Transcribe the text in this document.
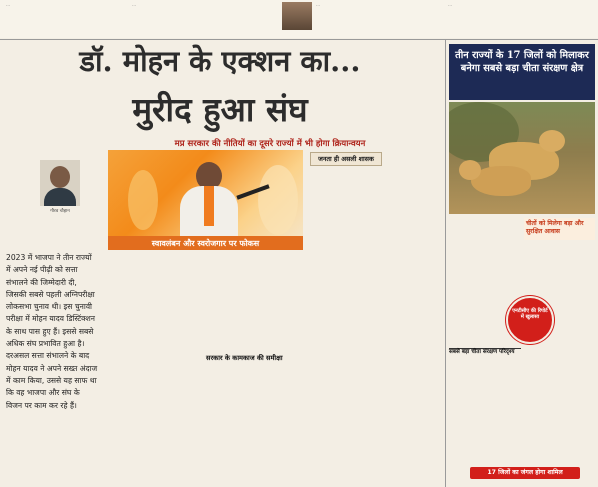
...	...	...	...
डॉ. मोहन के एक्शन का...
मुरीद हुआ संघ
मप्र सरकार की नीतियों का दूसरे राज्यों में भी होगा क्रियान्वयन
गौरव चौहान
2023 में भाजपा ने तीन राज्यों में अपने नई पीढ़ी को सत्ता संभालने की जिम्मेदारी दी, जिसकी सबसे पहली अग्निपरीक्षा लोकसभा चुनाव थी। इस चुनावी परीक्षा में मोहन यादव डिस्टिंक्शन के साथ पास हुए हैं। इससे सबसे अधिक संघ प्रभावित हुआ है। दरअसल सत्ता संभालने के बाद मोहन यादव ने अपने सख्त अंदाज में काम किया, उससे यह साफ था कि वह भाजपा और संघ के विजन पर काम कर रहे हैं।
स्वावलंबन और स्वरोजगार पर फोकस
सरकार के कामकाज की समीक्षा
जनता ही असली शासक
तीन राज्यों के 17 जिलों को मिलाकर बनेगा सबसे बड़ा चीता संरक्षण क्षेत्र
चीतों को मिलेगा बड़ा और सुरक्षित आवास
एनटीसीए की रिपोर्ट में खुलासा
सबसे बड़ा चीता संरक्षण परिदृश्य
17 जिलों का जंगल होगा शामिल
